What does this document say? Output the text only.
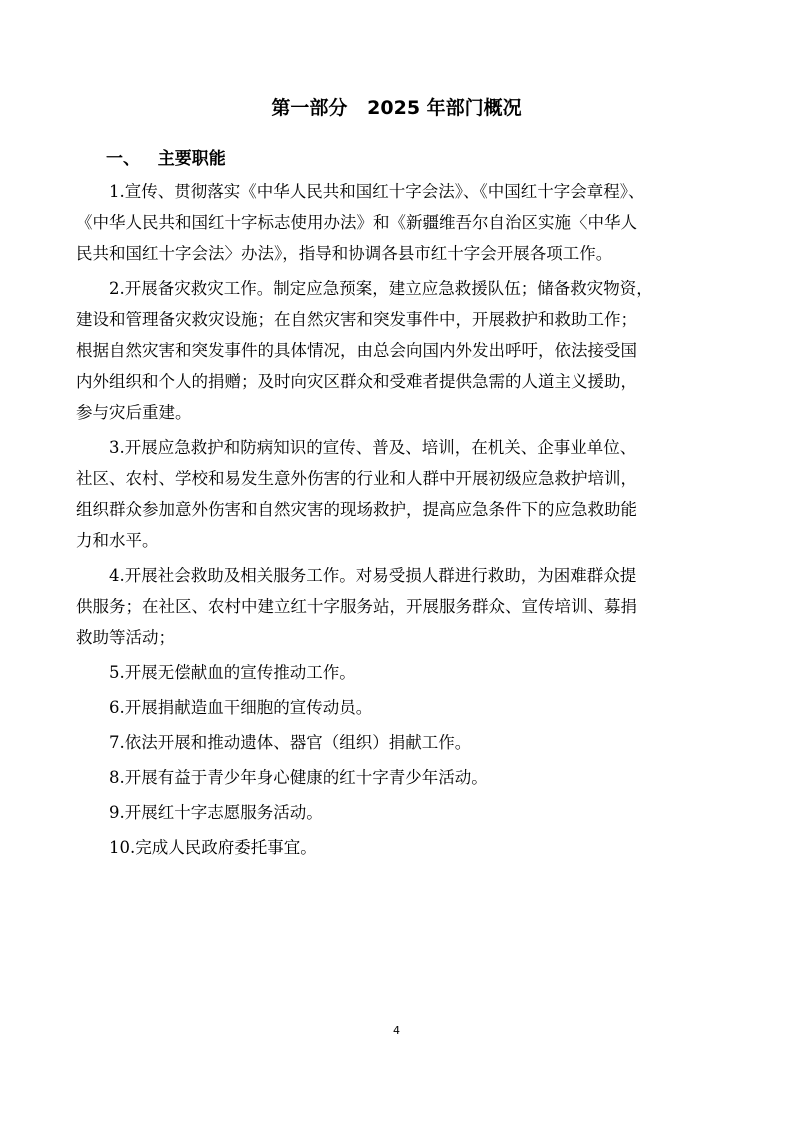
第一部分   2025 年部门概况
一、   主要职能

1.宣传、贯彻落实《中华人民共和国红十字会法》、《中国红十字会章程》、
《中华人民共和国红十字标志使用办法》和《新疆维吾尔自治区实施〈中华人
民共和国红十字会法〉办法》，指导和协调各县市红十字会开展各项工作。

2.开展备灾救灾工作。制定应急预案，建立应急救援队伍；储备救灾物资，
建设和管理备灾救灾设施；在自然灾害和突发事件中，开展救护和救助工作；
根据自然灾害和突发事件的具体情况，由总会向国内外发出呼吁，依法接受国
内外组织和个人的捐赠；及时向灾区群众和受难者提供急需的人道主义援助，
参与灾后重建。

3.开展应急救护和防病知识的宣传、普及、培训，在机关、企事业单位、
社区、农村、学校和易发生意外伤害的行业和人群中开展初级应急救护培训，
组织群众参加意外伤害和自然灾害的现场救护，提高应急条件下的应急救助能
力和水平。

4.开展社会救助及相关服务工作。对易受损人群进行救助，为困难群众提
供服务；在社区、农村中建立红十字服务站，开展服务群众、宣传培训、募捐
救助等活动；

5.开展无偿献血的宣传推动工作。

6.开展捐献造血干细胞的宣传动员。

7.依法开展和推动遗体、器官（组织）捐献工作。

8.开展有益于青少年身心健康的红十字青少年活动。

9.开展红十字志愿服务活动。

10.完成人民政府委托事宜。

4
